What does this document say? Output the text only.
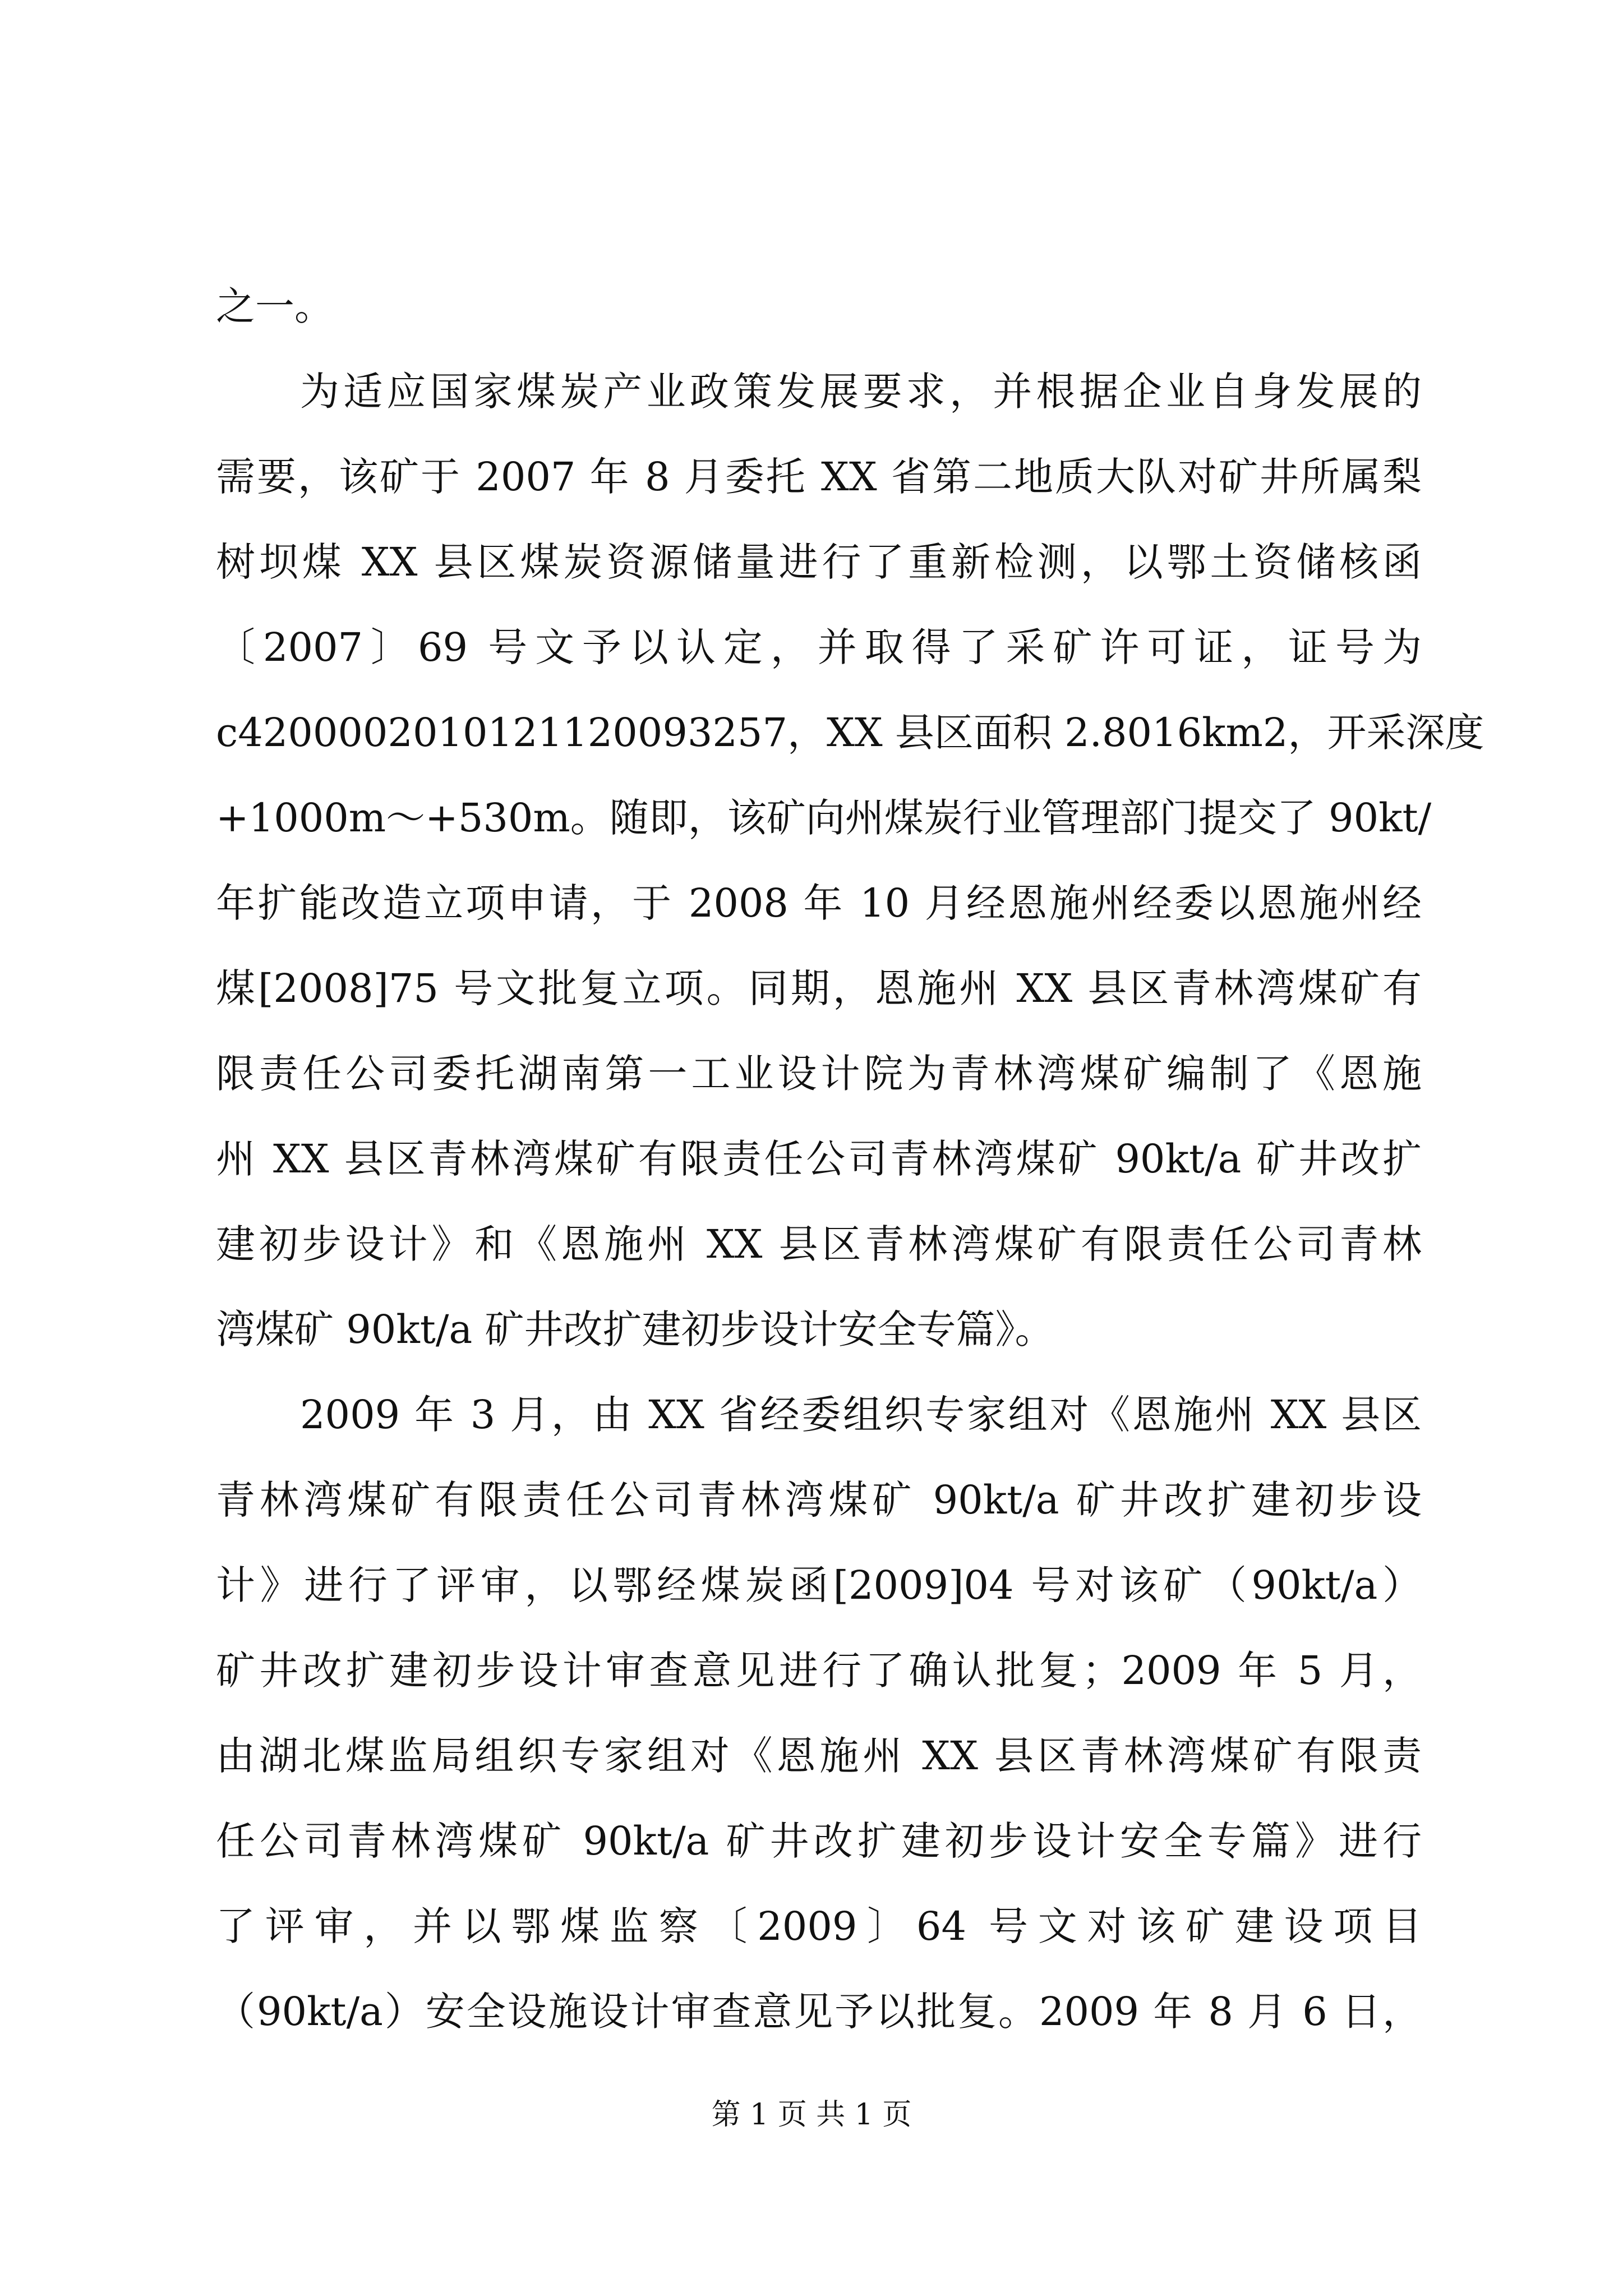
之一。
为适应国家煤炭产业政策发展要求，并根据企业自身发展的
需要，该矿于 2007 年 8 月委托 XX 省第二地质大队对矿井所属梨
树坝煤 XX 县区煤炭资源储量进行了重新检测，以鄂土资储核函
〔2007〕69 号文予以认定，并取得了采矿许可证，证号为
c4200002010121120093257，XX 县区面积 2.8016km2，开采深度
+1000m～+530m。随即，该矿向州煤炭行业管理部门提交了 90kt/
年扩能改造立项申请，于 2008 年 10 月经恩施州经委以恩施州经
煤[2008]75 号文批复立项。同期，恩施州 XX 县区青林湾煤矿有
限责任公司委托湖南第一工业设计院为青林湾煤矿编制了《恩施
州 XX 县区青林湾煤矿有限责任公司青林湾煤矿 90kt/a 矿井改扩
建初步设计》和《恩施州 XX 县区青林湾煤矿有限责任公司青林
湾煤矿 90kt/a 矿井改扩建初步设计安全专篇》。
2009 年 3 月，由 XX 省经委组织专家组对《恩施州 XX 县区
青林湾煤矿有限责任公司青林湾煤矿 90kt/a 矿井改扩建初步设
计》进行了评审，以鄂经煤炭函[2009]04 号对该矿（90kt/a）
矿井改扩建初步设计审查意见进行了确认批复；2009 年 5 月，
由湖北煤监局组织专家组对《恩施州 XX 县区青林湾煤矿有限责
任公司青林湾煤矿 90kt/a 矿井改扩建初步设计安全专篇》进行
了评审，并以鄂煤监察〔2009〕64 号文对该矿建设项目
（90kt/a）安全设施设计审查意见予以批复。2009 年 8 月 6 日，
第 1 页 共 1 页
